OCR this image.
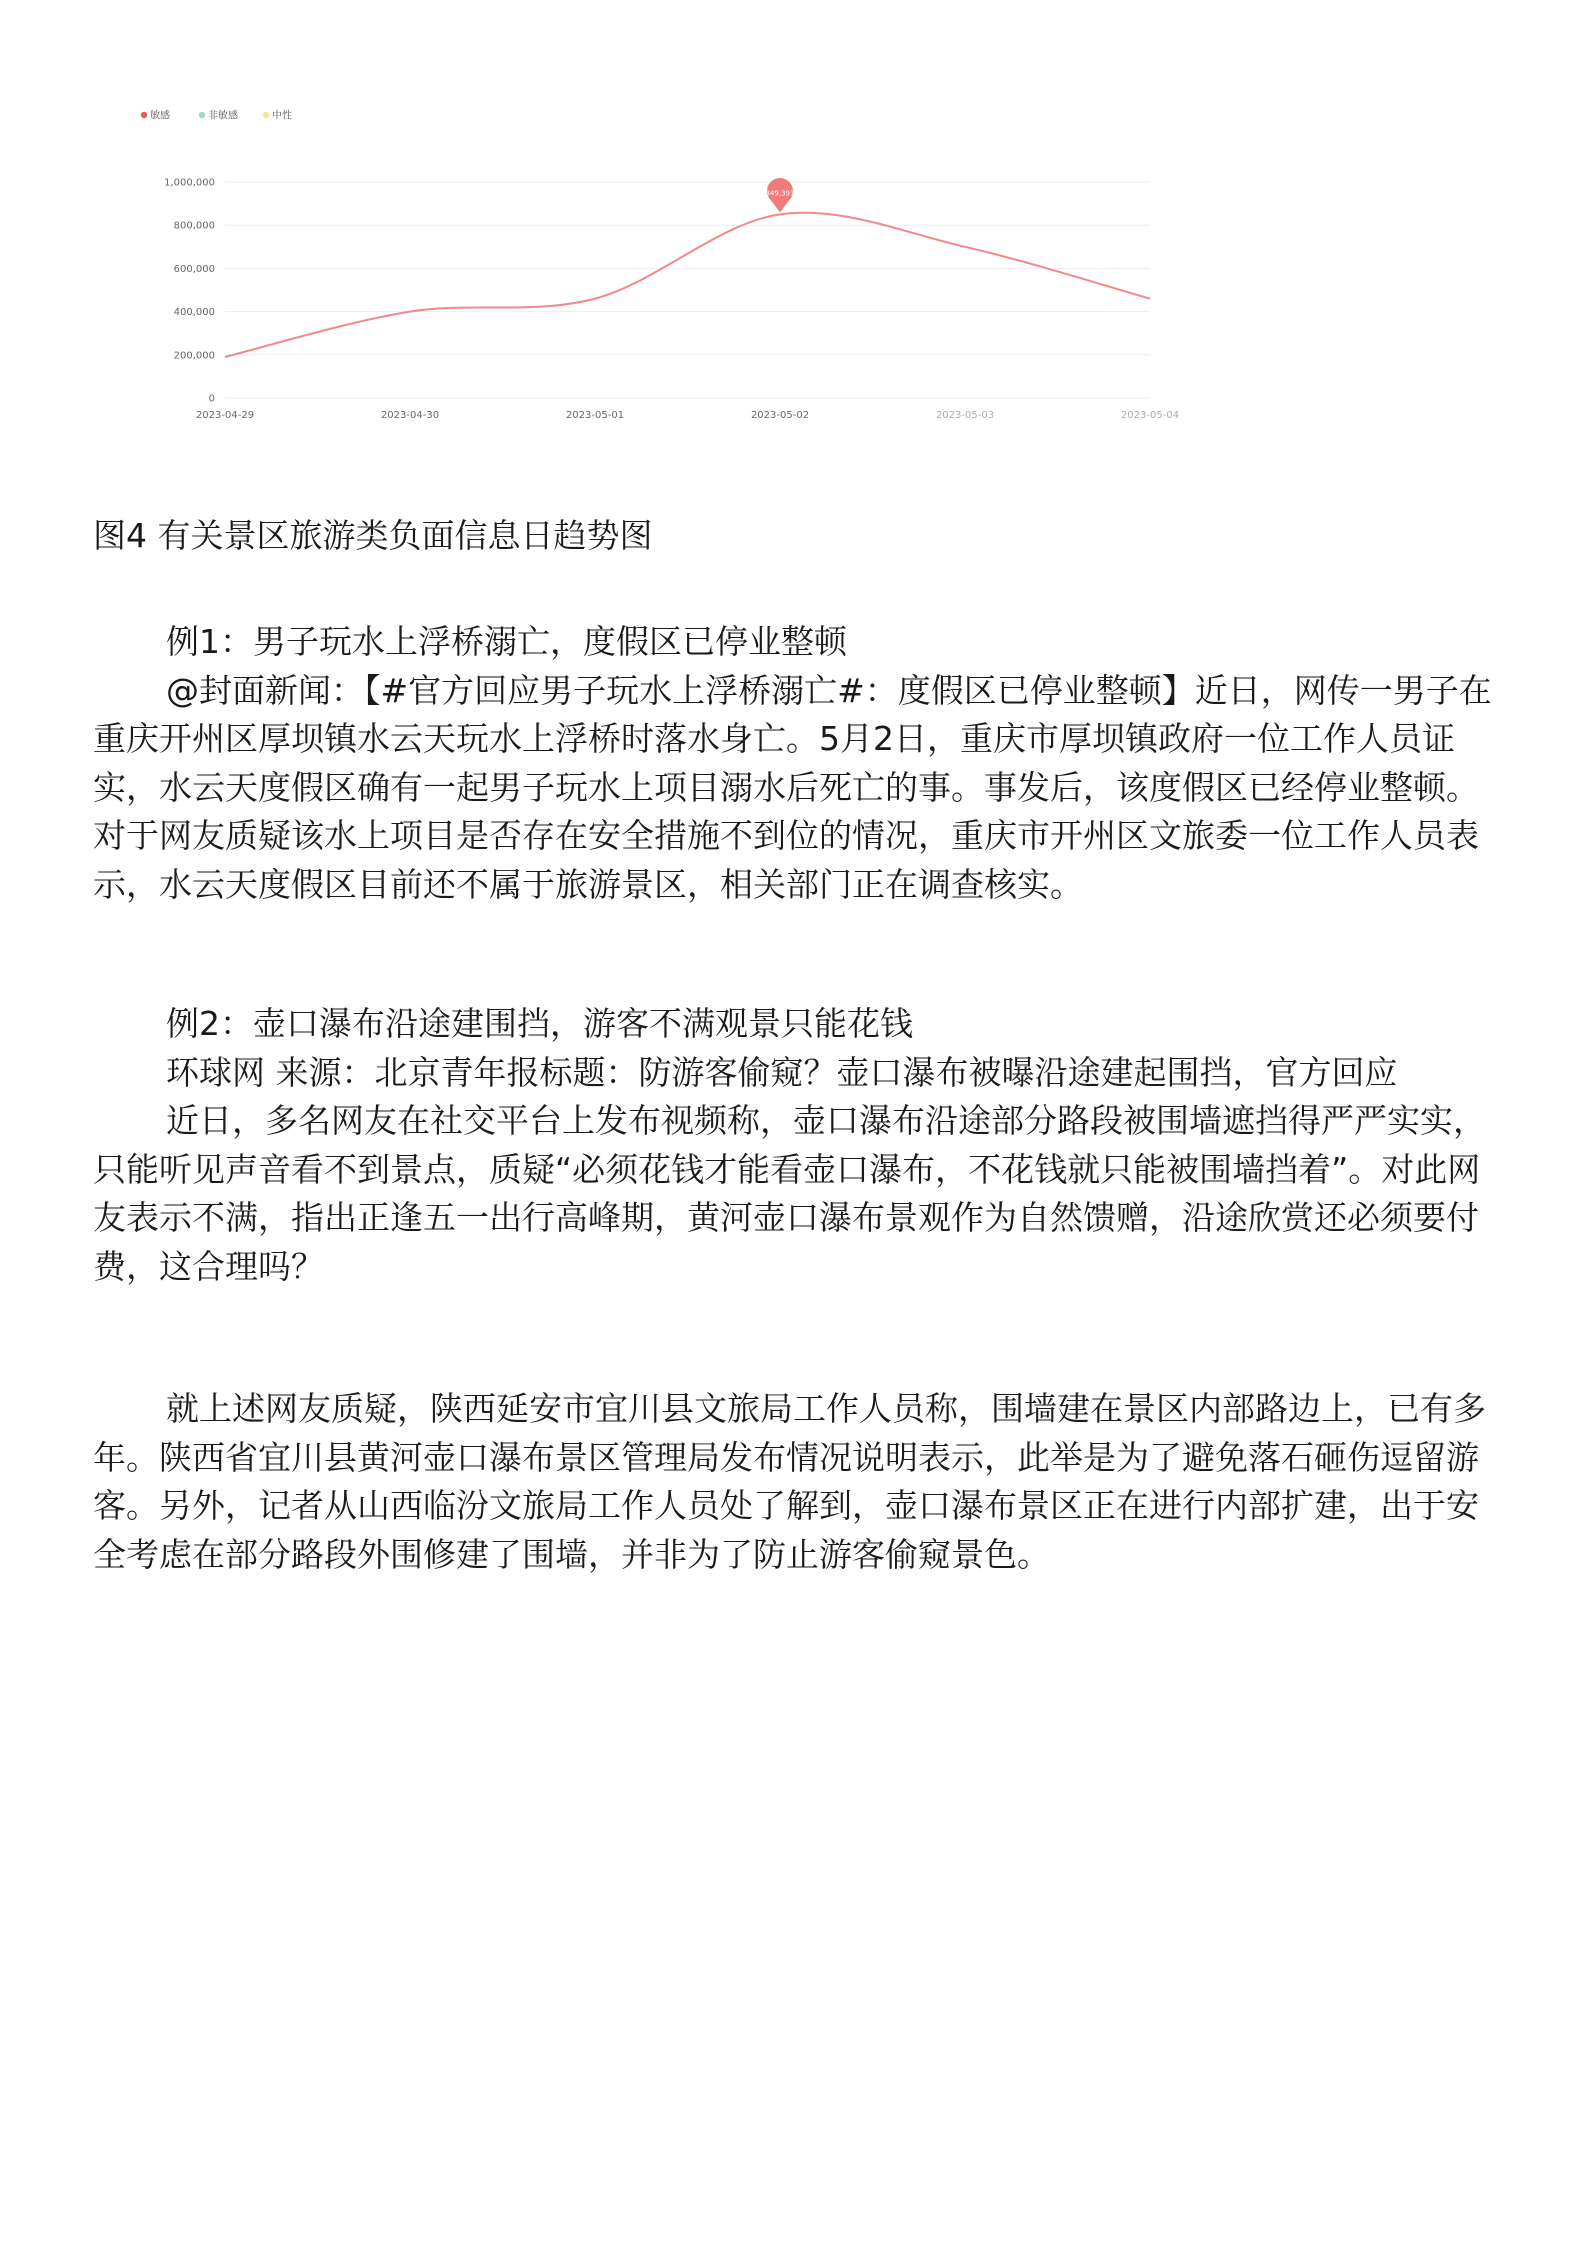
敏感	非敏感	中性
0
200,000
400,000
600,000
800,000
1,000,000
2023-04-29	2023-04-30	2023-05-01	2023-05-02	2023-05-03	2023-05-04
849,393

图4 有关景区旅游类负面信息日趋势图

例1：男子玩水上浮桥溺亡，度假区已停业整顿

@封面新闻：【#官方回应男子玩水上浮桥溺亡#：度假区已停业整顿】近日，网传一男子在重庆开州区厚坝镇水云天玩水上浮桥时落水身亡。5月2日，重庆市厚坝镇政府一位工作人员证实，水云天度假区确有一起男子玩水上项目溺水后死亡的事。事发后，该度假区已经停业整顿。对于网友质疑该水上项目是否存在安全措施不到位的情况，重庆市开州区文旅委一位工作人员表示，水云天度假区目前还不属于旅游景区，相关部门正在调查核实。

例2：壶口瀑布沿途建围挡，游客不满观景只能花钱

环球网 来源：北京青年报标题：防游客偷窥？壶口瀑布被曝沿途建起围挡，官方回应

近日，多名网友在社交平台上发布视频称，壶口瀑布沿途部分路段被围墙遮挡得严严实实，只能听见声音看不到景点，质疑“必须花钱才能看壶口瀑布，不花钱就只能被围墙挡着”。对此网友表示不满，指出正逢五一出行高峰期，黄河壶口瀑布景观作为自然馈赠，沿途欣赏还必须要付费，这合理吗？

就上述网友质疑，陕西延安市宜川县文旅局工作人员称，围墙建在景区内部路边上，已有多年。陕西省宜川县黄河壶口瀑布景区管理局发布情况说明表示，此举是为了避免落石砸伤逗留游客。另外，记者从山西临汾文旅局工作人员处了解到，壶口瀑布景区正在进行内部扩建，出于安全考虑在部分路段外围修建了围墙，并非为了防止游客偷窥景色。
